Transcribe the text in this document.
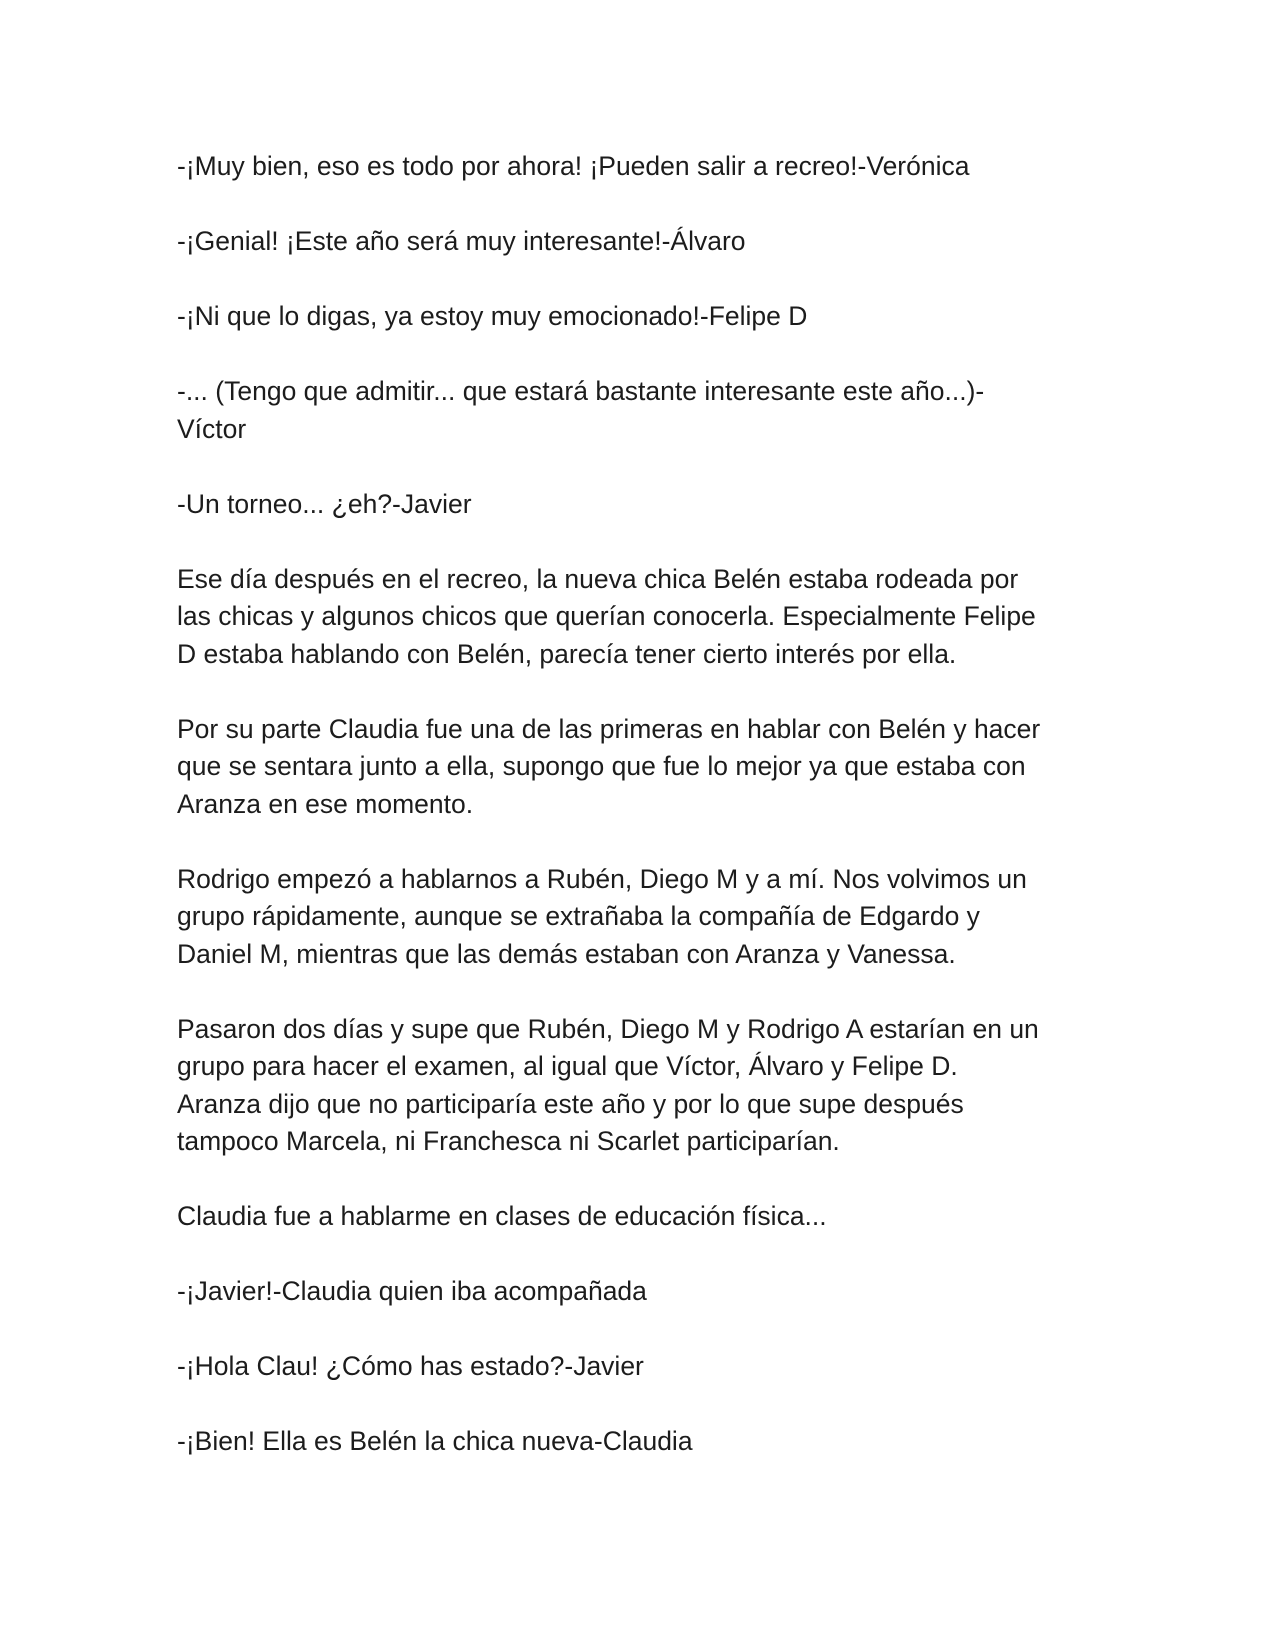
-¡Muy bien, eso es todo por ahora! ¡Pueden salir a recreo!-Verónica

-¡Genial! ¡Este año será muy interesante!-Álvaro

-¡Ni que lo digas, ya estoy muy emocionado!-Felipe D

-... (Tengo que admitir... que estará bastante interesante este año...)-
Víctor

-Un torneo... ¿eh?-Javier

Ese día después en el recreo, la nueva chica Belén estaba rodeada por
las chicas y algunos chicos que querían conocerla. Especialmente Felipe
D estaba hablando con Belén, parecía tener cierto interés por ella.

Por su parte Claudia fue una de las primeras en hablar con Belén y hacer
que se sentara junto a ella, supongo que fue lo mejor ya que estaba con
Aranza en ese momento.

Rodrigo empezó a hablarnos a Rubén, Diego M y a mí. Nos volvimos un
grupo rápidamente, aunque se extrañaba la compañía de Edgardo y
Daniel M, mientras que las demás estaban con Aranza y Vanessa.

Pasaron dos días y supe que Rubén, Diego M y Rodrigo A estarían en un
grupo para hacer el examen, al igual que Víctor, Álvaro y Felipe D.
Aranza dijo que no participaría este año y por lo que supe después
tampoco Marcela, ni Franchesca ni Scarlet participarían.

Claudia fue a hablarme en clases de educación física...

-¡Javier!-Claudia quien iba acompañada

-¡Hola Clau! ¿Cómo has estado?-Javier

-¡Bien! Ella es Belén la chica nueva-Claudia
